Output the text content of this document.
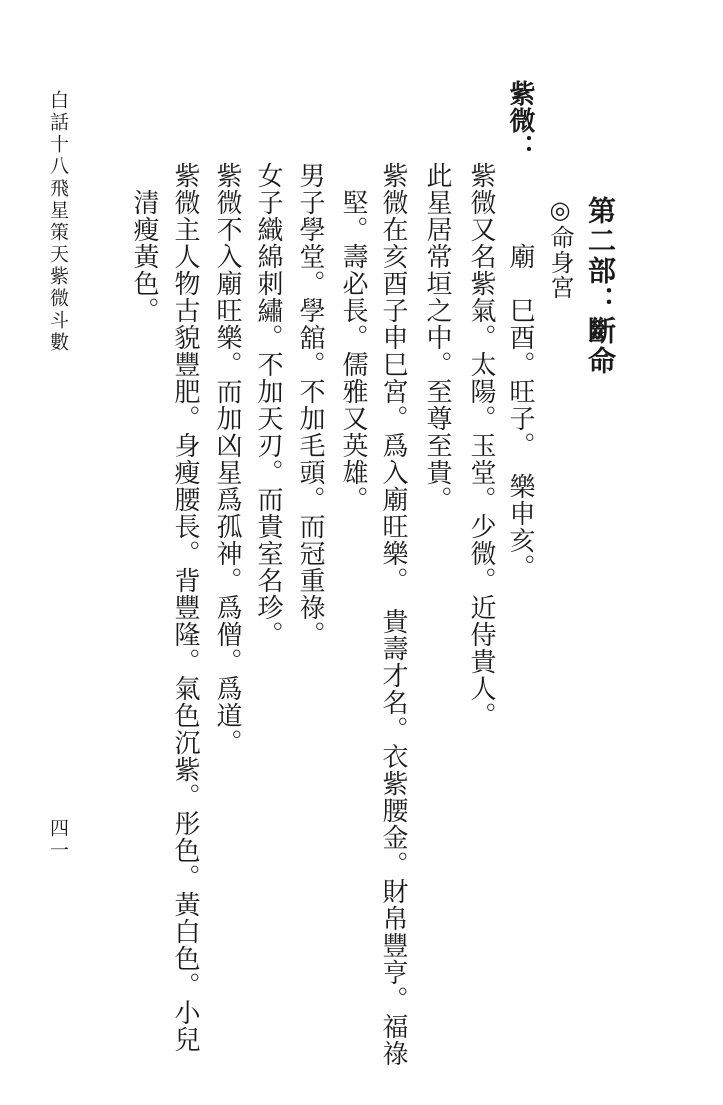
白話十八飛星策天紫微斗數
四一
第二部：斷命
◎命身宮
紫微：
　　　廟　巳酉。旺子。　樂申亥。
紫微又名紫氣。太陽。玉堂。少微。近侍貴人。
此星居常垣之中。至尊至貴。
紫微在亥酉子申巳宮。爲入廟旺樂。　貴壽才名。衣紫腰金。財帛豐亨。福祿
　堅。壽必長。儒雅又英雄。
男子學堂。學舘。不加毛頭。而冠重祿。
女子織綿刺繡。不加天刃。而貴室名珍。
紫微不入廟旺樂。而加凶星爲孤神。爲僧。爲道。
紫微主人物古貌豐肥。身瘦腰長。背豐隆。氣色沉紫。彤色。黃白色。小兒
　清瘦黃色。
